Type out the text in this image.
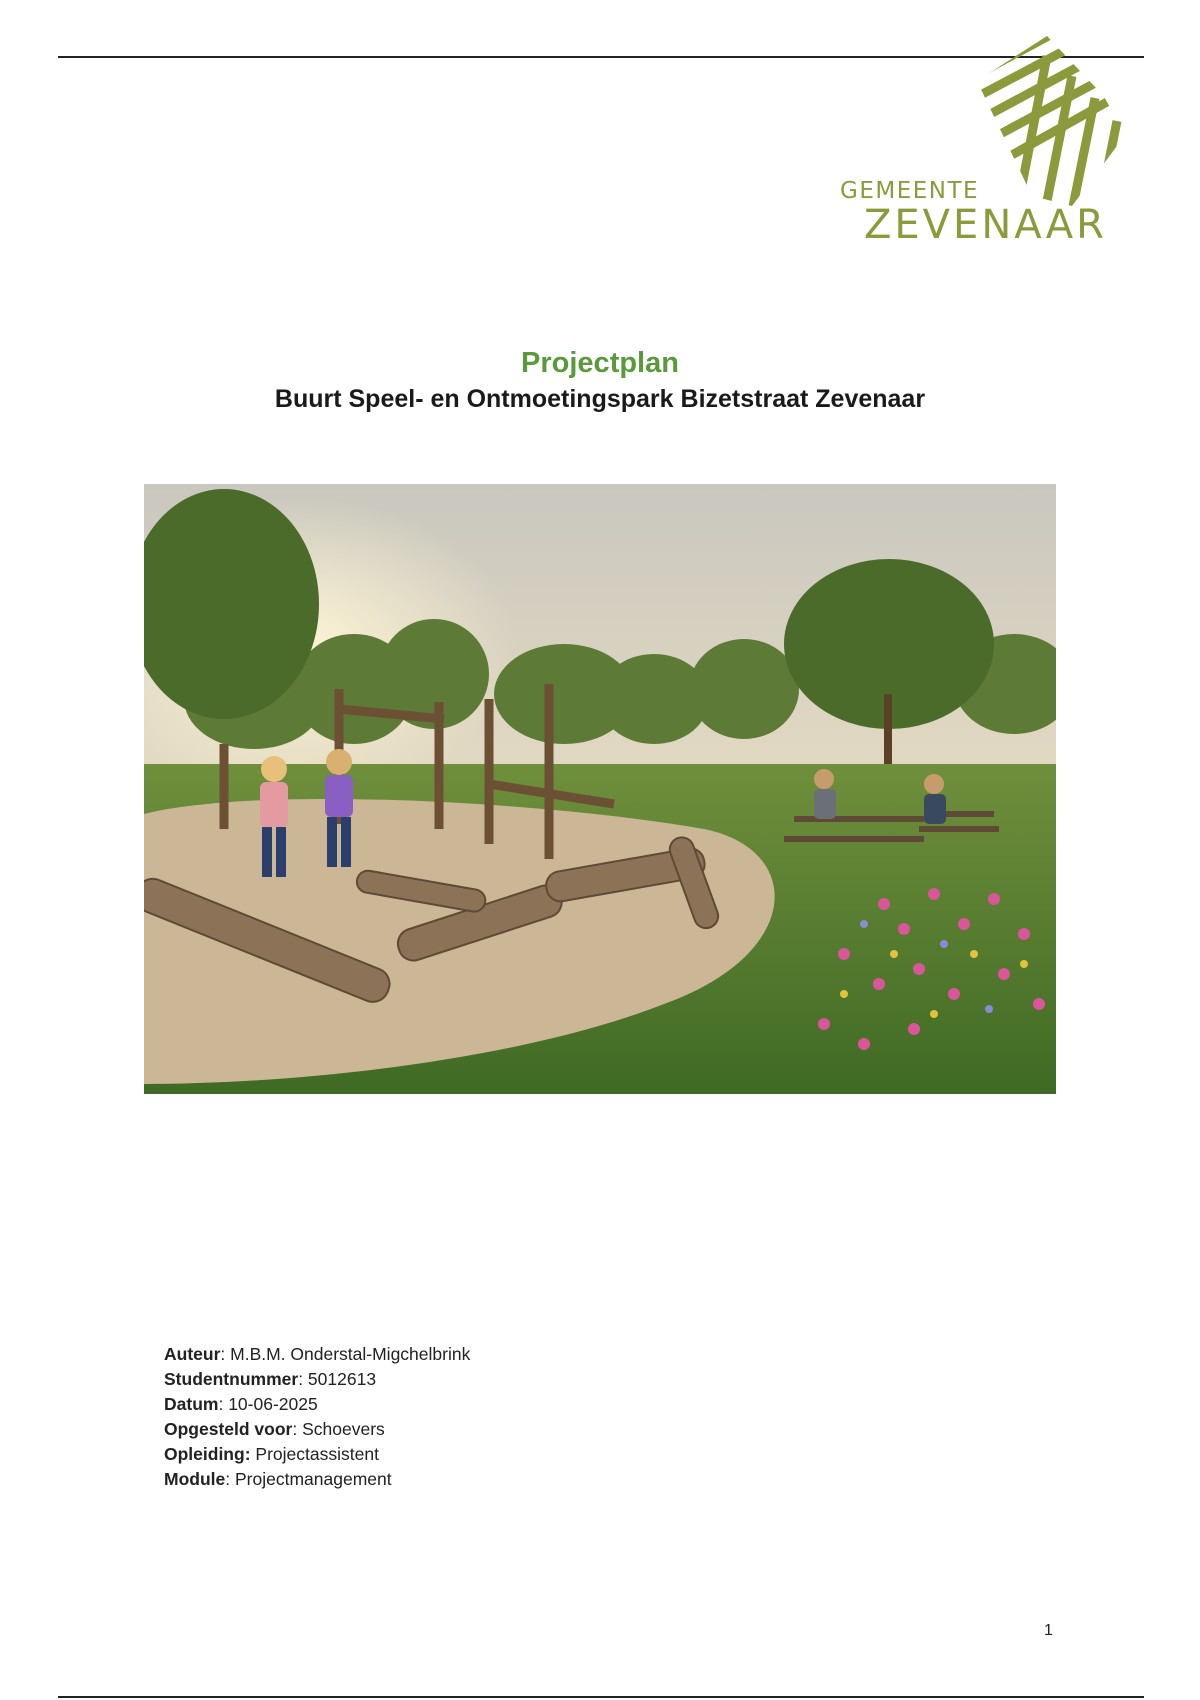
GEMEENTE
ZEVENAAR

Projectplan

Buurt Speel- en Ontmoetingspark Bizetstraat Zevenaar

Auteur: M.B.M. Onderstal-Migchelbrink
Studentnummer: 5012613
Datum: 10-06-2025
Opgesteld voor: Schoevers
Opleiding: Projectassistent
Module: Projectmanagement
1
